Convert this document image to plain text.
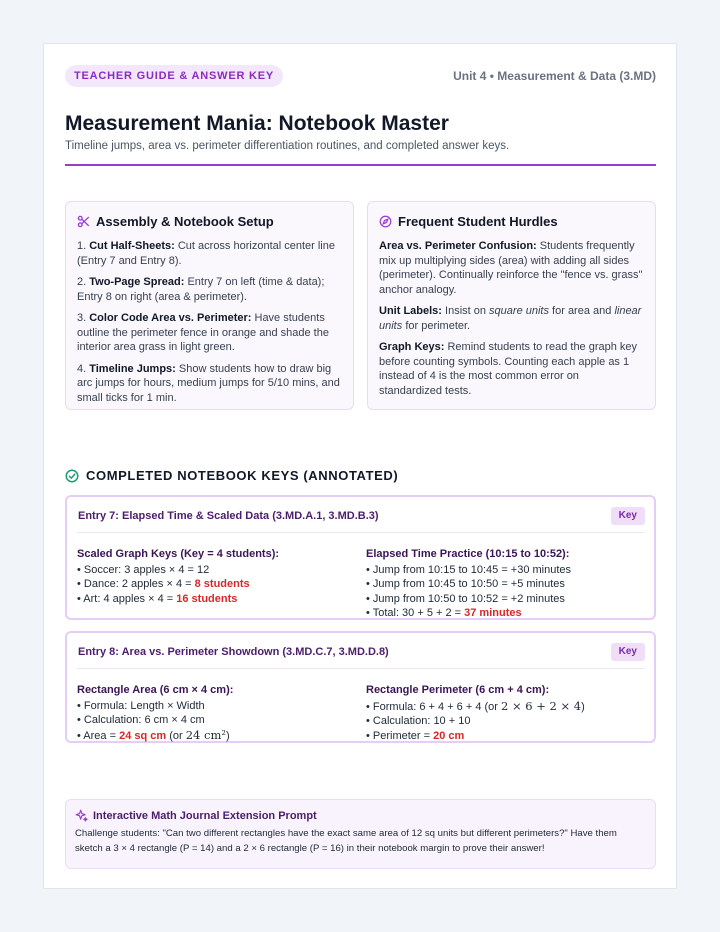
TEACHER GUIDE & ANSWER KEY	Unit 4 • Measurement & Data (3.MD)
Measurement Mania: Notebook Master
Timeline jumps, area vs. perimeter differentiation routines, and completed answer keys.
Assembly & Notebook Setup

1. Cut Half-Sheets: Cut across horizontal center line (Entry 7 and Entry 8).

2. Two-Page Spread: Entry 7 on left (time & data); Entry 8 on right (area & perimeter).

3. Color Code Area vs. Perimeter: Have students outline the perimeter fence in orange and shade the interior area grass in light green.

4. Timeline Jumps: Show students how to draw big arc jumps for hours, medium jumps for 5/10 mins, and small ticks for 1 min.

Frequent Student Hurdles

Area vs. Perimeter Confusion: Students frequently mix up multiplying sides (area) with adding all sides (perimeter). Continually reinforce the "fence vs. grass" anchor analogy.

Unit Labels: Insist on square units for area and linear units for perimeter.

Graph Keys: Remind students to read the graph key before counting symbols. Counting each apple as 1 instead of 4 is the most common error on standardized tests.

COMPLETED NOTEBOOK KEYS (ANNOTATED)
Entry 7: Elapsed Time & Scaled Data (3.MD.A.1, 3.MD.B.3)	Key
Scaled Graph Keys (Key = 4 students):
• Soccer: 3 apples × 4 = 12
• Dance: 2 apples × 4 = 8 students
• Art: 4 apples × 4 = 16 students
Elapsed Time Practice (10:15 to 10:52):
• Jump from 10:15 to 10:45 = +30 minutes
• Jump from 10:45 to 10:50 = +5 minutes
• Jump from 10:50 to 10:52 = +2 minutes
• Total: 30 + 5 + 2 = 37 minutes
Entry 8: Area vs. Perimeter Showdown (3.MD.C.7, 3.MD.D.8)	Key
Rectangle Area (6 cm × 4 cm):
• Formula: Length × Width
• Calculation: 6 cm × 4 cm
• Area = 24 sq cm (or 24 cm²)
Rectangle Perimeter (6 cm + 4 cm):
• Formula: 6 + 4 + 6 + 4 (or 2 × 6 + 2 × 4)
• Calculation: 10 + 10
• Perimeter = 20 cm
Interactive Math Journal Extension Prompt
Challenge students: "Can two different rectangles have the exact same area of 12 sq units but different perimeters?" Have them sketch a 3 × 4 rectangle (P = 14) and a 2 × 6 rectangle (P = 16) in their notebook margin to prove their answer!
